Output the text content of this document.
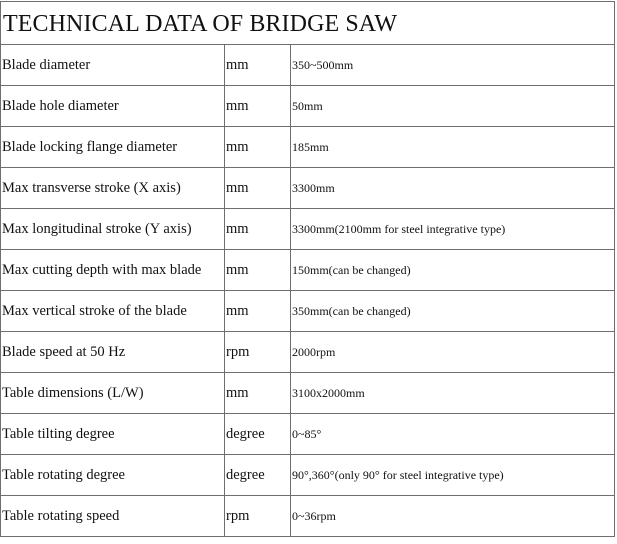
TECHNICAL DATA OF BRIDGE SAW		
Blade diameter	mm	350~500mm
Blade hole diameter	mm	50mm
Blade locking flange diameter	mm	185mm
Max transverse stroke (X axis)	mm	3300mm
Max longitudinal stroke (Y axis)	mm	3300mm(2100mm for steel integrative type)
Max cutting depth with max blade	mm	150mm(can be changed)
Max vertical stroke of the blade	mm	350mm(can be changed)
Blade speed at 50 Hz	rpm	2000rpm
Table dimensions (L/W)	mm	3100x2000mm
Table tilting degree	degree	0~85°
Table rotating degree	degree	90°,360°(only 90° for steel integrative type)
Table rotating speed	rpm	0~36rpm
